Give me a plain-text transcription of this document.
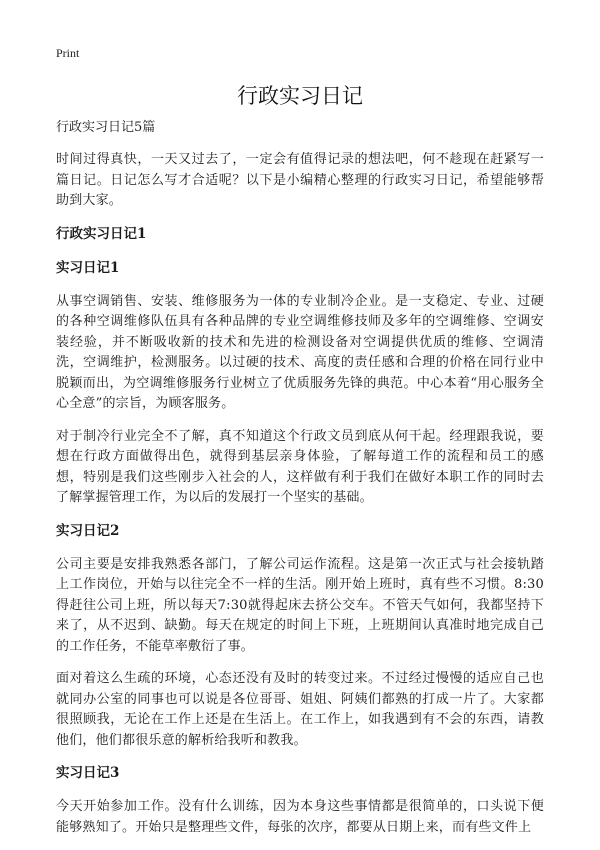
Print
行政实习日记
行政实习日记5篇

时间过得真快，一天又过去了，一定会有值得记录的想法吧，何不趁现在赶紧写一篇日记。日记怎么写才合适呢？以下是小编精心整理的行政实习日记，希望能够帮助到大家。

行政实习日记1
实习日记1

从事空调销售、安装、维修服务为一体的专业制冷企业。是一支稳定、专业、过硬的各种空调维修队伍具有各种品牌的专业空调维修技师及多年的空调维修、空调安装经验，并不断吸收新的技术和先进的检测设备对空调提供优质的维修、空调清洗，空调维护，检测服务。以过硬的技术、高度的责任感和合理的价格在同行业中脱颖而出，为空调维修服务行业树立了优质服务先锋的典范。中心本着“用心服务全心全意”的宗旨，为顾客服务。

对于制冷行业完全不了解，真不知道这个行政文员到底从何干起。经理跟我说，要想在行政方面做得出色，就得到基层亲身体验，了解每道工作的流程和员工的感想，特别是我们这些刚步入社会的人，这样做有利于我们在做好本职工作的同时去了解掌握管理工作，为以后的发展打一个坚实的基础。

实习日记2

公司主要是安排我熟悉各部门，了解公司运作流程。这是第一次正式与社会接轨踏上工作岗位，开始与以往完全不一样的生活。刚开始上班时，真有些不习惯。8:30得赶往公司上班，所以每天7:30就得起床去挤公交车。不管天气如何，我都坚持下来了，从不迟到、缺勤。每天在规定的时间上下班，上班期间认真准时地完成自己的工作任务，不能草率敷衍了事。

面对着这么生疏的环境，心态还没有及时的转变过来。不过经过慢慢的适应自己也就同办公室的同事也可以说是各位哥哥、姐姐、阿姨们都熟的打成一片了。大家都很照顾我，无论在工作上还是在生活上。在工作上，如我遇到有不会的东西，请教他们，他们都很乐意的解析给我听和教我。

实习日记3

今天开始参加工作。没有什么训练，因为本身这些事情都是很简单的，口头说下便能够熟知了。开始只是整理些文件，每张的次序，都要从日期上来，而有些文件上
